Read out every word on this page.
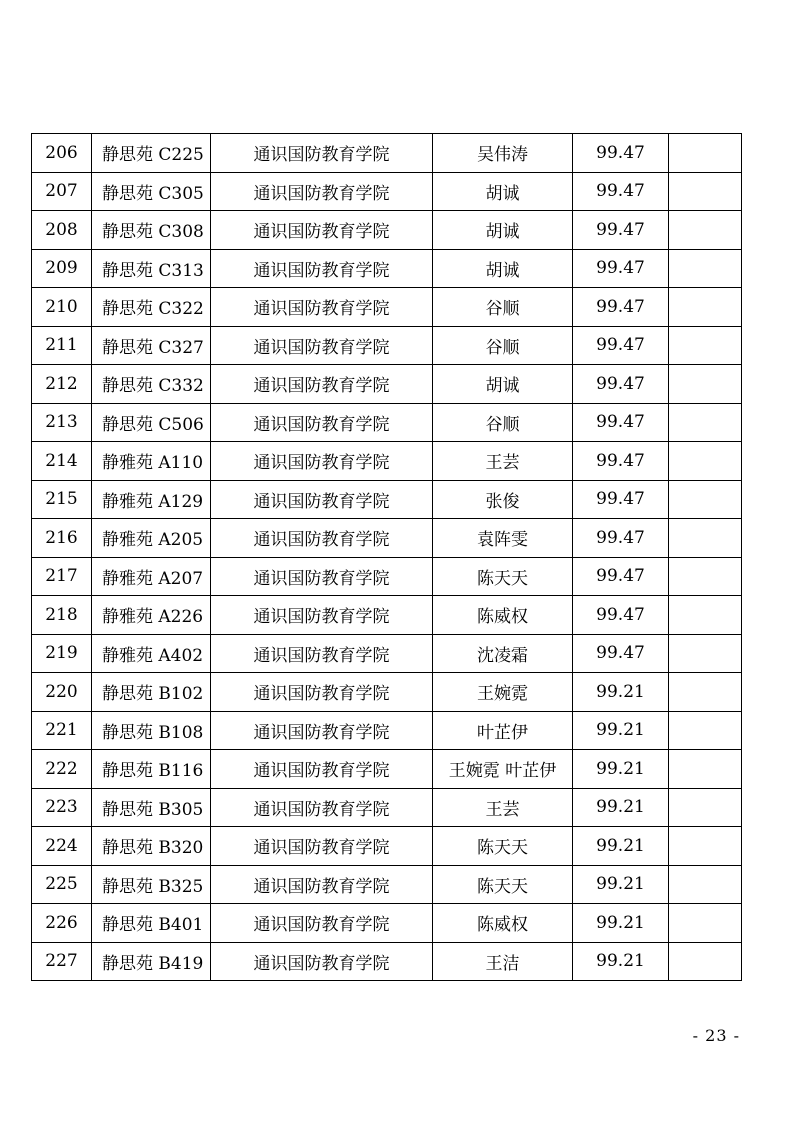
206	静思苑 C225	通识国防教育学院	吴伟涛	99.47	
207	静思苑 C305	通识国防教育学院	胡诚	99.47	
208	静思苑 C308	通识国防教育学院	胡诚	99.47	
209	静思苑 C313	通识国防教育学院	胡诚	99.47	
210	静思苑 C322	通识国防教育学院	谷顺	99.47	
211	静思苑 C327	通识国防教育学院	谷顺	99.47	
212	静思苑 C332	通识国防教育学院	胡诚	99.47	
213	静思苑 C506	通识国防教育学院	谷顺	99.47	
214	静雅苑 A110	通识国防教育学院	王芸	99.47	
215	静雅苑 A129	通识国防教育学院	张俊	99.47	
216	静雅苑 A205	通识国防教育学院	袁阵雯	99.47	
217	静雅苑 A207	通识国防教育学院	陈天天	99.47	
218	静雅苑 A226	通识国防教育学院	陈威权	99.47	
219	静雅苑 A402	通识国防教育学院	沈凌霜	99.47	
220	静思苑 B102	通识国防教育学院	王婉霓	99.21	
221	静思苑 B108	通识国防教育学院	叶芷伊	99.21	
222	静思苑 B116	通识国防教育学院	王婉霓 叶芷伊	99.21	
223	静思苑 B305	通识国防教育学院	王芸	99.21	
224	静思苑 B320	通识国防教育学院	陈天天	99.21	
225	静思苑 B325	通识国防教育学院	陈天天	99.21	
226	静思苑 B401	通识国防教育学院	陈威权	99.21	
227	静思苑 B419	通识国防教育学院	王洁	99.21	
- 23 -
